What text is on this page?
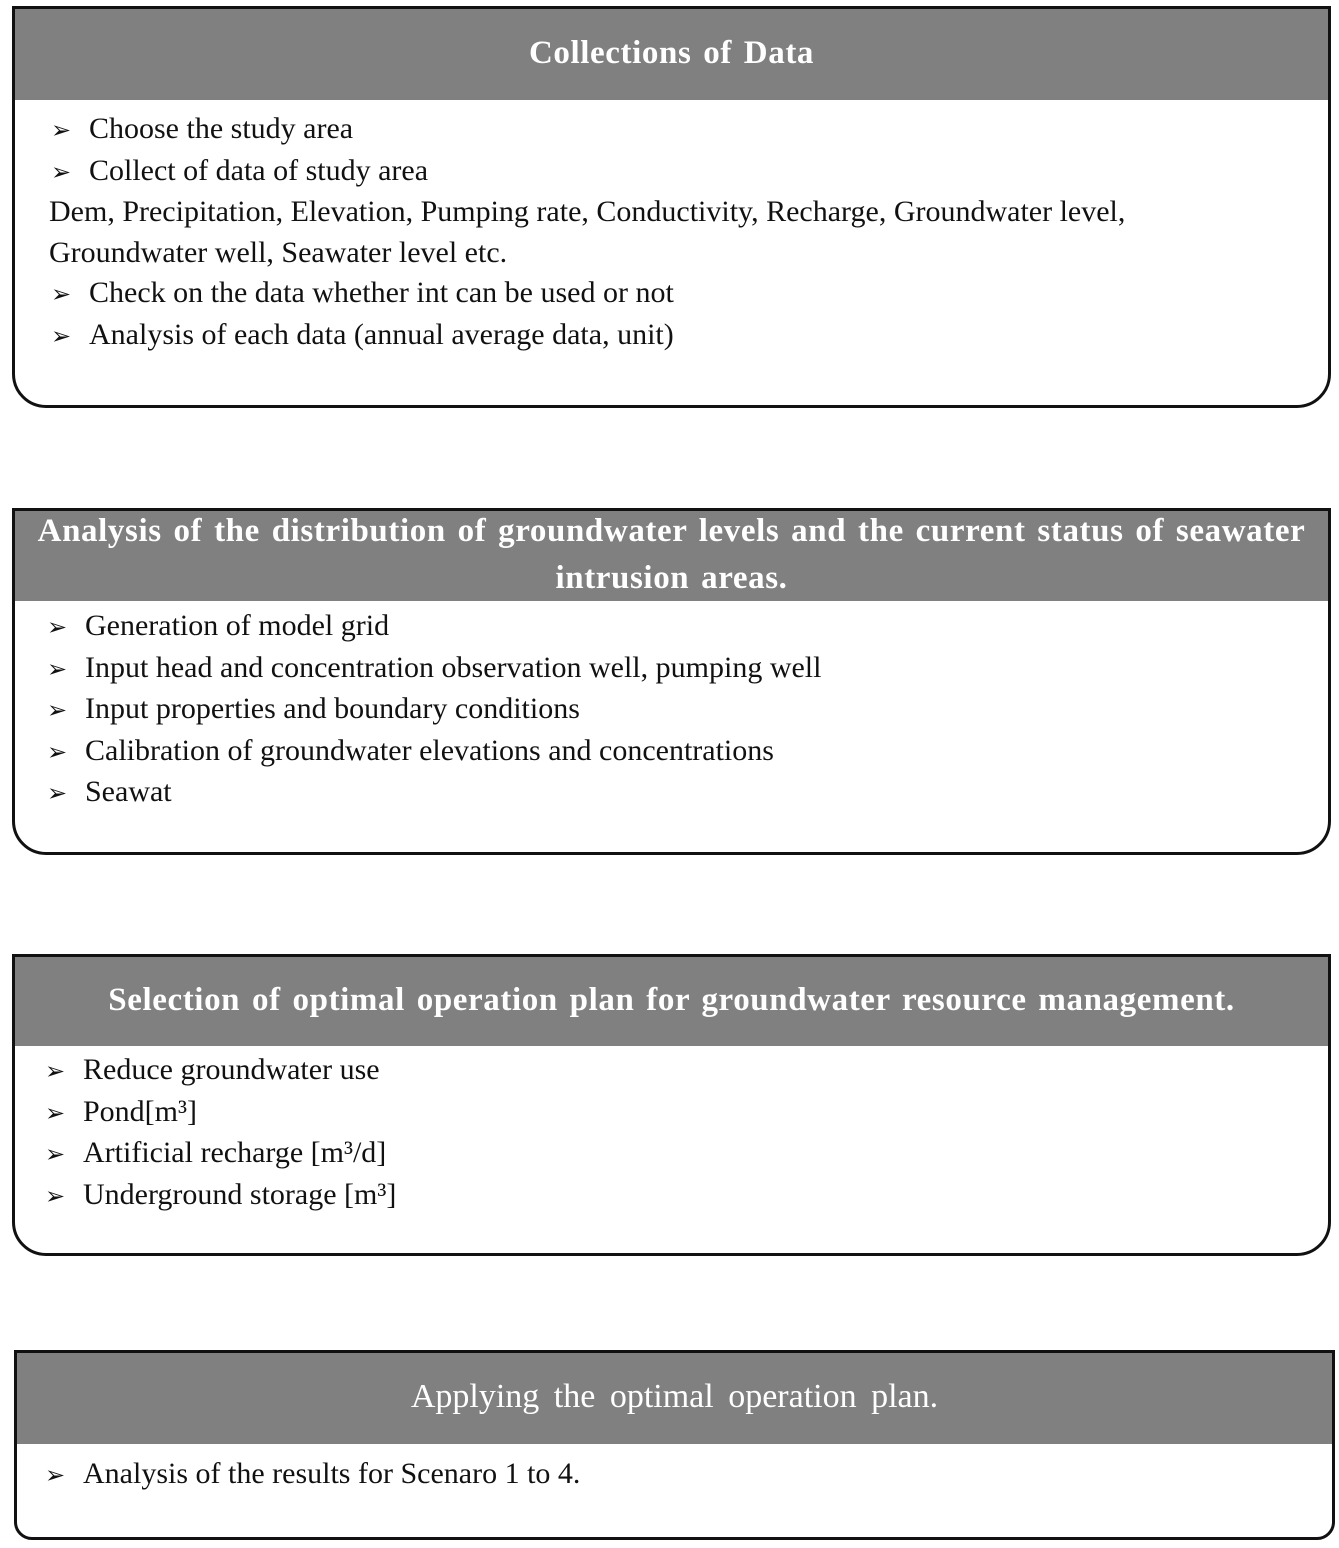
Collections of Data
➢ Choose the study area
➢ Collect of data of study area
Dem, Precipitation, Elevation, Pumping rate, Conductivity, Recharge, Groundwater level, Groundwater well, Seawater level etc.
➢ Check on the data whether int can be used or not
➢ Analysis of each data (annual average data, unit)
Analysis of the distribution of groundwater levels and the current status of seawater intrusion areas.
➢ Generation of model grid
➢ Input head and concentration observation well, pumping well
➢ Input properties and boundary conditions
➢ Calibration of groundwater elevations and concentrations
➢ Seawat
Selection of optimal operation plan for groundwater resource management.
➢ Reduce groundwater use
➢ Pond[m³]
➢ Artificial recharge [m³/d]
➢ Underground storage [m³]
Applying the optimal operation plan.
➢ Analysis of the results for Scenaro 1 to 4.
